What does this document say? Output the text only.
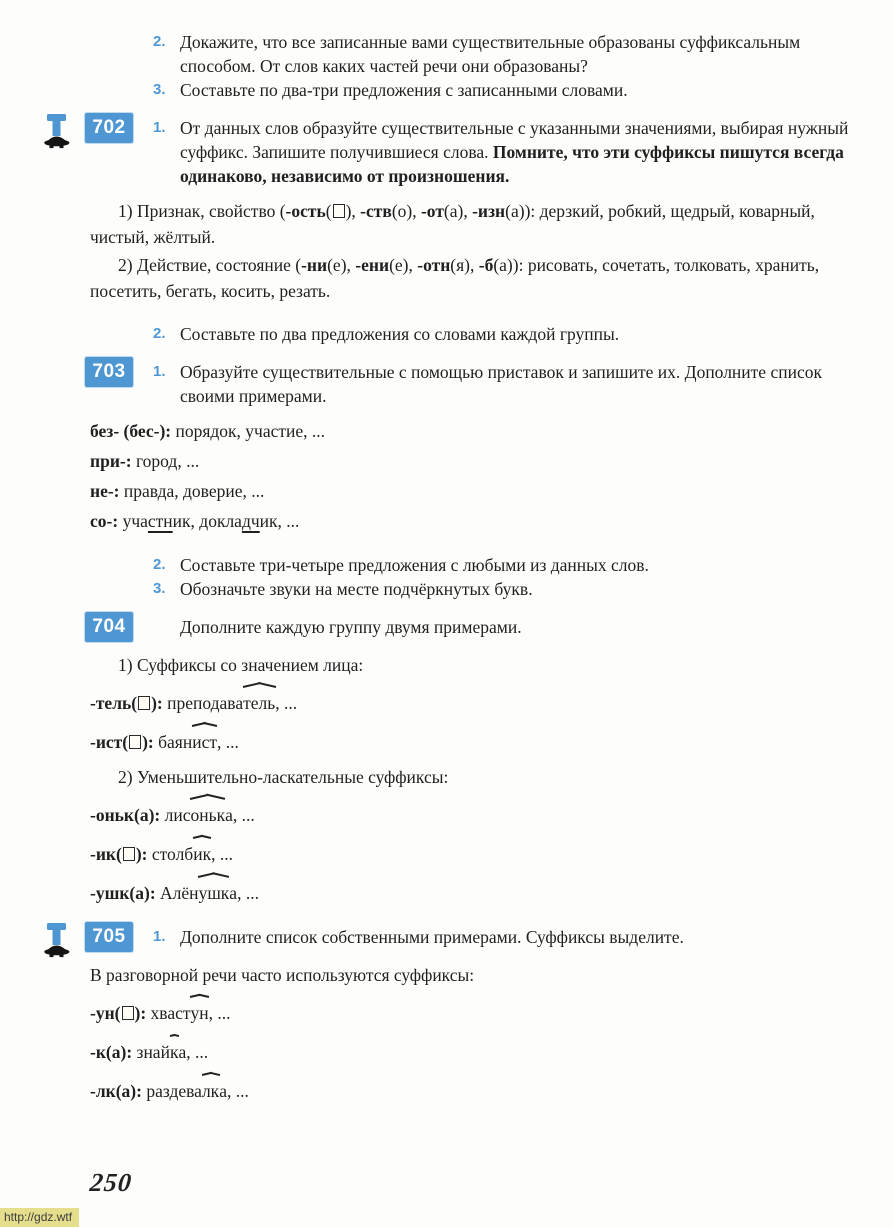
2. Докажите, что все записанные вами существительные образованы суффиксальным способом. От слов каких частей речи они образованы?
3. Составьте по два-три предложения с записанными словами.
702	1. От данных слов образуйте существительные с указанными значениями, выбирая нужный суффикс. Запишите получившиеся слова. Помните, что эти суффиксы пишутся всегда одинаково, независимо от произношения.
1) Признак, свойство (-ость( ), -ств(о), -от(а), -изн(а)): дерзкий, робкий, щедрый, коварный, чистый, жёлтый.
2) Действие, состояние (-ни(е), -ени(е), -отн(я), -б(а)): рисовать, сочетать, толковать, хранить, посетить, бегать, косить, резать.
2. Составьте по два предложения со словами каждой группы.
703	1. Образуйте существительные с помощью приставок и запишите их. Дополните список своими примерами.
без- (бес-): порядок, участие, ...
при-: город, ...
не-: правда, доверие, ...
со-: участник, докладчик, ...
2. Составьте три-четыре предложения с любыми из данных слов.
3. Обозначьте звуки на месте подчёркнутых букв.
704	Дополните каждую группу двумя примерами.
1) Суффиксы со значением лица:
-тель( ): преподаватель, ...
-ист( ): баянист, ...
2) Уменьшительно-ласкательные суффиксы:
-оньк(а): лисонька, ...
-ик( ): столбик, ...
-ушк(а): Алёнушка, ...
705	1. Дополните список собственными примерами. Суффиксы выделите.
В разговорной речи часто используются суффиксы:
-ун( ): хвастун, ...
-к(а): знайка, ...
-лк(а): раздевалка, ...
250
http://gdz.wtf
